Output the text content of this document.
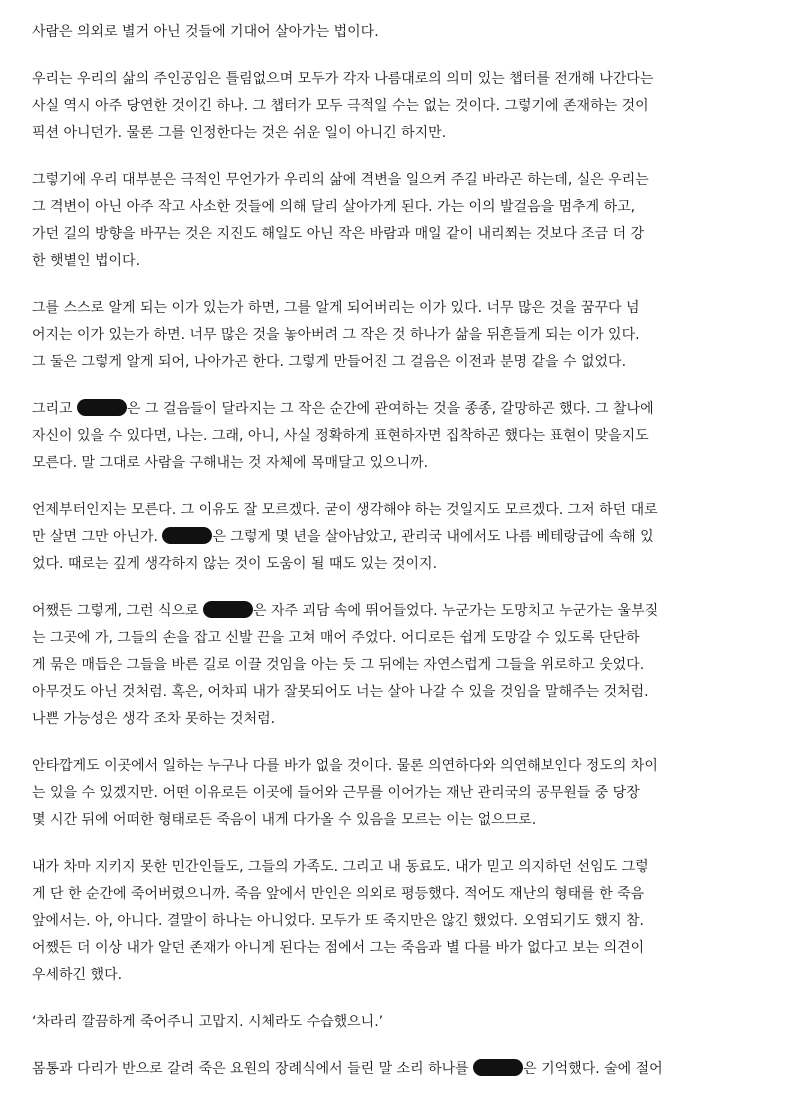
사람은 의외로 별거 아닌 것들에 기대어 살아가는 법이다.
우리는 우리의 삶의 주인공임은 틀림없으며 모두가 각자 나름대로의 의미 있는 챕터를 전개해 나간다는
사실 역시 아주 당연한 것이긴 하나. 그 챕터가 모두 극적일 수는 없는 것이다. 그렇기에 존재하는 것이
픽션 아니던가. 물론 그를 인정한다는 것은 쉬운 일이 아니긴 하지만.
그렇기에 우리 대부분은 극적인 무언가가 우리의 삶에 격변을 일으켜 주길 바라곤 하는데, 실은 우리는
그 격변이 아닌 아주 작고 사소한 것들에 의해 달리 살아가게 된다. 가는 이의 발걸음을 멈추게 하고,
가던 길의 방향을 바꾸는 것은 지진도 해일도 아닌 작은 바람과 매일 같이 내리쬐는 것보다 조금 더 강
한 햇볕인 법이다.
그를 스스로 알게 되는 이가 있는가 하면, 그를 알게 되어버리는 이가 있다. 너무 많은 것을 꿈꾸다 넘
어지는 이가 있는가 하면. 너무 많은 것을 놓아버려 그 작은 것 하나가 삶을 뒤흔들게 되는 이가 있다.
그 둘은 그렇게 알게 되어, 나아가곤 한다. 그렇게 만들어진 그 걸음은 이전과 분명 같을 수 없었다.
그리고	은 그 걸음들이 달라지는 그 작은 순간에 관여하는 것을 종종, 갈망하곤 했다. 그 찰나에
자신이 있을 수 있다면, 나는. 그래, 아니, 사실 정확하게 표현하자면 집착하곤 했다는 표현이 맞을지도
모른다. 말 그대로 사람을 구해내는 것 자체에 목매달고 있으니까.
언제부터인지는 모른다. 그 이유도 잘 모르겠다. 굳이 생각해야 하는 것일지도 모르겠다. 그저 하던 대로
만 살면 그만 아닌가.	은 그렇게 몇 년을 살아남았고, 관리국 내에서도 나름 베테랑급에 속해 있
었다. 때로는 깊게 생각하지 않는 것이 도움이 될 때도 있는 것이지.
어쨌든 그렇게, 그런 식으로	은 자주 괴담 속에 뛰어들었다. 누군가는 도망치고 누군가는 울부짖
는 그곳에 가, 그들의 손을 잡고 신발 끈을 고쳐 매어 주었다. 어디로든 쉽게 도망갈 수 있도록 단단하
게 묶은 매듭은 그들을 바른 길로 이끌 것임을 아는 듯 그 뒤에는 자연스럽게 그들을 위로하고 웃었다.
아무것도 아닌 것처럼. 혹은, 어차피 내가 잘못되어도 너는 살아 나갈 수 있을 것임을 말해주는 것처럼.
나쁜 가능성은 생각 조차 못하는 것처럼.
안타깝게도 이곳에서 일하는 누구나 다를 바가 없을 것이다. 물론 의연하다와 의연해보인다 정도의 차이
는 있을 수 있겠지만. 어떤 이유로든 이곳에 들어와 근무를 이어가는 재난 관리국의 공무원들 중 당장
몇 시간 뒤에 어떠한 형태로든 죽음이 내게 다가올 수 있음을 모르는 이는 없으므로.
내가 차마 지키지 못한 민간인들도, 그들의 가족도. 그리고 내 동료도. 내가 믿고 의지하던 선임도 그렇
게 단 한 순간에 죽어버렸으니까. 죽음 앞에서 만인은 의외로 평등했다. 적어도 재난의 형태를 한 죽음
앞에서는. 아, 아니다. 결말이 하나는 아니었다. 모두가 또 죽지만은 않긴 했었다. 오염되기도 했지 참.
어쨌든 더 이상 내가 알던 존재가 아니게 된다는 점에서 그는 죽음과 별 다를 바가 없다고 보는 의견이
우세하긴 했다.
‘차라리 깔끔하게 죽어주니 고맙지. 시체라도 수습했으니.’
몸통과 다리가 반으로 갈려 죽은 요원의 장례식에서 들린 말 소리 하나를	은 기억했다. 술에 절어
